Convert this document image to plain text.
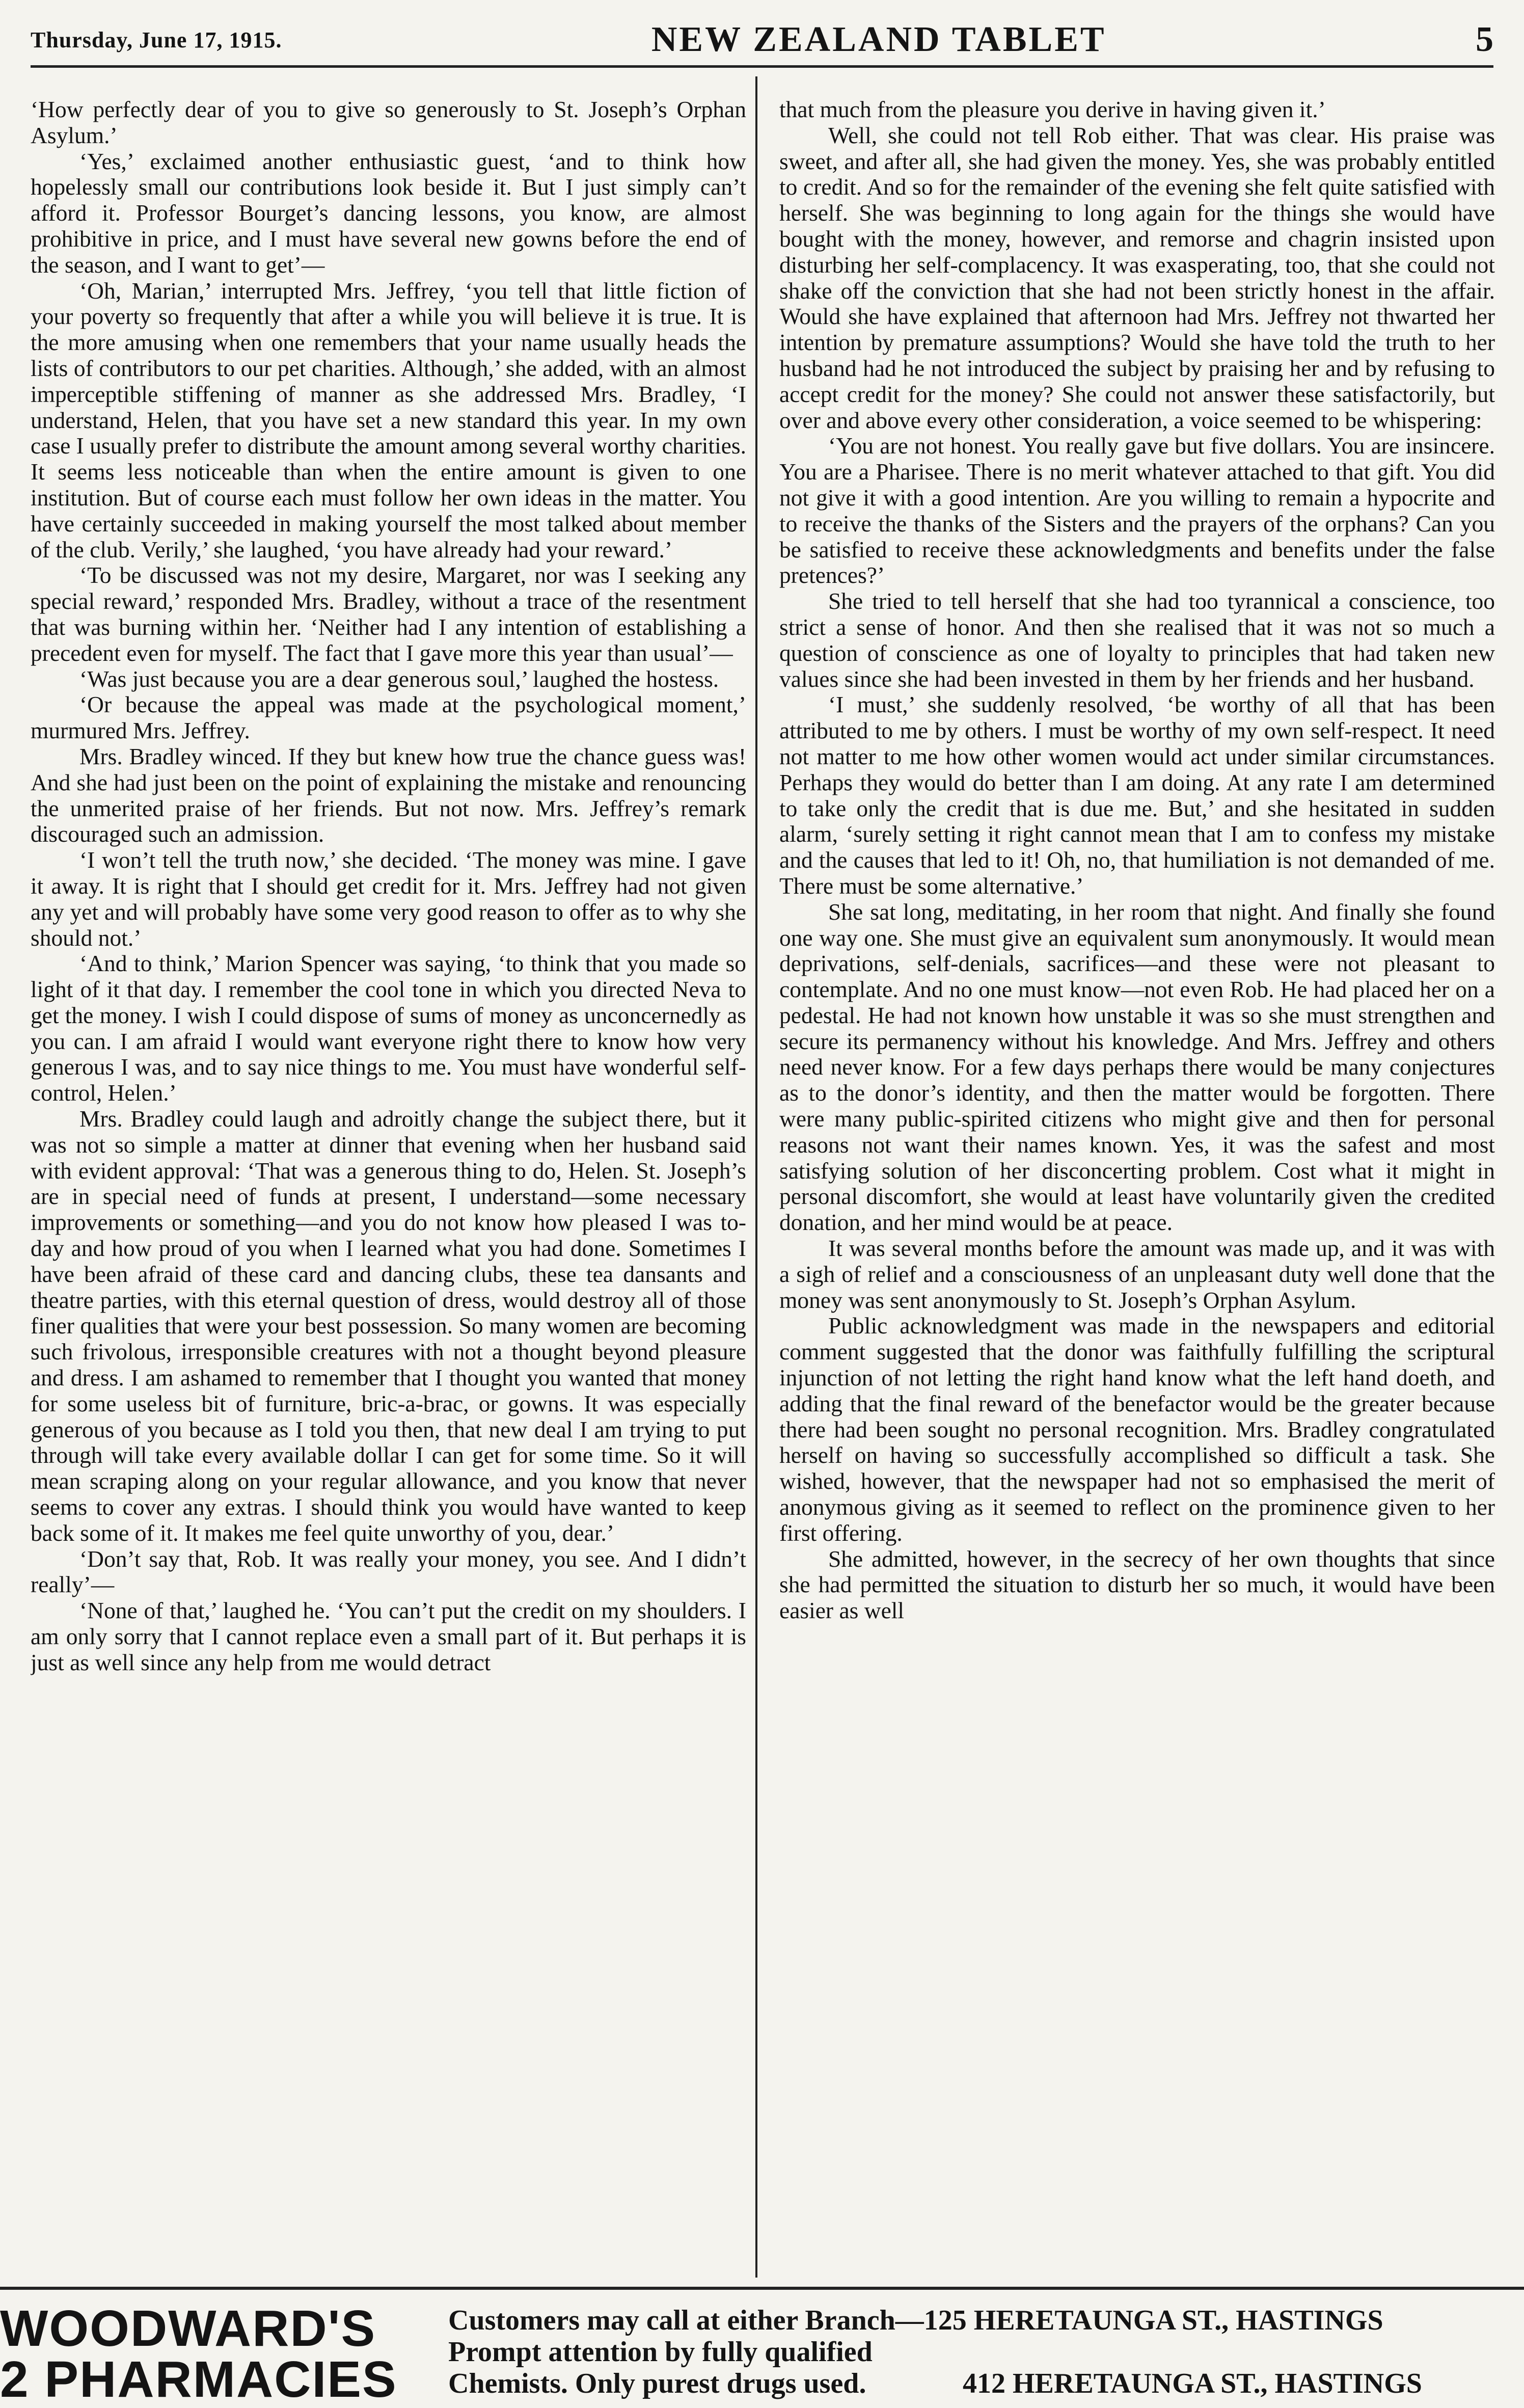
Thursday, June 17, 1915.	NEW ZEALAND TABLET	5

‘How perfectly dear of you to give so generously to St. Joseph’s Orphan Asylum.’

‘Yes,’ exclaimed another enthusiastic guest, ‘and to think how hopelessly small our contributions look beside it. But I just simply can’t afford it. Professor Bourget’s dancing lessons, you know, are almost prohibitive in price, and I must have several new gowns before the end of the season, and I want to get’—

‘Oh, Marian,’ interrupted Mrs. Jeffrey, ‘you tell that little fiction of your poverty so frequently that after a while you will believe it is true. It is the more amusing when one remembers that your name usually heads the lists of contributors to our pet charities. Although,’ she added, with an almost imperceptible stiffening of manner as she addressed Mrs. Bradley, ‘I understand, Helen, that you have set a new standard this year. In my own case I usually prefer to distribute the amount among several worthy charities. It seems less noticeable than when the entire amount is given to one institution. But of course each must follow her own ideas in the matter. You have certainly succeeded in making yourself the most talked about member of the club. Verily,’ she laughed, ‘you have already had your reward.’

‘To be discussed was not my desire, Margaret, nor was I seeking any special reward,’ responded Mrs. Bradley, without a trace of the resentment that was burning within her. ‘Neither had I any intention of establishing a precedent even for myself. The fact that I gave more this year than usual’—

‘Was just because you are a dear generous soul,’ laughed the hostess.

‘Or because the appeal was made at the psychological moment,’ murmured Mrs. Jeffrey.

Mrs. Bradley winced. If they but knew how true the chance guess was! And she had just been on the point of explaining the mistake and renouncing the unmerited praise of her friends. But not now. Mrs. Jeffrey’s remark discouraged such an admission.

‘I won’t tell the truth now,’ she decided. ‘The money was mine. I gave it away. It is right that I should get credit for it. Mrs. Jeffrey had not given any yet and will probably have some very good reason to offer as to why she should not.’

‘And to think,’ Marion Spencer was saying, ‘to think that you made so light of it that day. I remember the cool tone in which you directed Neva to get the money. I wish I could dispose of sums of money as unconcernedly as you can. I am afraid I would want everyone right there to know how very generous I was, and to say nice things to me. You must have wonderful self-control, Helen.’

Mrs. Bradley could laugh and adroitly change the subject there, but it was not so simple a matter at dinner that evening when her husband said with evident approval: ‘That was a generous thing to do, Helen. St. Joseph’s are in special need of funds at present, I understand—some necessary improvements or something—and you do not know how pleased I was to-day and how proud of you when I learned what you had done. Sometimes I have been afraid of these card and dancing clubs, these tea dansants and theatre parties, with this eternal question of dress, would destroy all of those finer qualities that were your best possession. So many women are becoming such frivolous, irresponsible creatures with not a thought beyond pleasure and dress. I am ashamed to remember that I thought you wanted that money for some useless bit of furniture, bric-a-brac, or gowns. It was especially generous of you because as I told you then, that new deal I am trying to put through will take every available dollar I can get for some time. So it will mean scraping along on your regular allowance, and you know that never seems to cover any extras. I should think you would have wanted to keep back some of it. It makes me feel quite unworthy of you, dear.’

‘Don’t say that, Rob. It was really your money, you see. And I didn’t really’—

‘None of that,’ laughed he. ‘You can’t put the credit on my shoulders. I am only sorry that I cannot replace even a small part of it. But perhaps it is just as well since any help from me would detract

that much from the pleasure you derive in having given it.’

Well, she could not tell Rob either. That was clear. His praise was sweet, and after all, she had given the money. Yes, she was probably entitled to credit. And so for the remainder of the evening she felt quite satisfied with herself. She was beginning to long again for the things she would have bought with the money, however, and remorse and chagrin insisted upon disturbing her self-complacency. It was exasperating, too, that she could not shake off the conviction that she had not been strictly honest in the affair. Would she have explained that afternoon had Mrs. Jeffrey not thwarted her intention by premature assumptions? Would she have told the truth to her husband had he not introduced the subject by praising her and by refusing to accept credit for the money? She could not answer these satisfactorily, but over and above every other consideration, a voice seemed to be whispering:

‘You are not honest. You really gave but five dollars. You are insincere. You are a Pharisee. There is no merit whatever attached to that gift. You did not give it with a good intention. Are you willing to remain a hypocrite and to receive the thanks of the Sisters and the prayers of the orphans? Can you be satisfied to receive these acknowledgments and benefits under the false pretences?’

She tried to tell herself that she had too tyrannical a conscience, too strict a sense of honor. And then she realised that it was not so much a question of conscience as one of loyalty to principles that had taken new values since she had been invested in them by her friends and her husband.

‘I must,’ she suddenly resolved, ‘be worthy of all that has been attributed to me by others. I must be worthy of my own self-respect. It need not matter to me how other women would act under similar circumstances. Perhaps they would do better than I am doing. At any rate I am determined to take only the credit that is due me. But,’ and she hesitated in sudden alarm, ‘surely setting it right cannot mean that I am to confess my mistake and the causes that led to it! Oh, no, that humiliation is not demanded of me. There must be some alternative.’

She sat long, meditating, in her room that night. And finally she found one way one. She must give an equivalent sum anonymously. It would mean deprivations, self-denials, sacrifices—and these were not pleasant to contemplate. And no one must know—not even Rob. He had placed her on a pedestal. He had not known how unstable it was so she must strengthen and secure its permanency without his knowledge. And Mrs. Jeffrey and others need never know. For a few days perhaps there would be many conjectures as to the donor’s identity, and then the matter would be forgotten. There were many public-spirited citizens who might give and then for personal reasons not want their names known. Yes, it was the safest and most satisfying solution of her disconcerting problem. Cost what it might in personal discomfort, she would at least have voluntarily given the credited donation, and her mind would be at peace.

It was several months before the amount was made up, and it was with a sigh of relief and a consciousness of an unpleasant duty well done that the money was sent anonymously to St. Joseph’s Orphan Asylum.

Public acknowledgment was made in the newspapers and editorial comment suggested that the donor was faithfully fulfilling the scriptural injunction of not letting the right hand know what the left hand doeth, and adding that the final reward of the benefactor would be the greater because there had been sought no personal recognition. Mrs. Bradley congratulated herself on having so successfully accomplished so difficult a task. She wished, however, that the newspaper had not so emphasised the merit of anonymous giving as it seemed to reflect on the prominence given to her first offering.

She admitted, however, in the secrecy of her own thoughts that since she had permitted the situation to disturb her so much, it would have been easier as well

WOODWARD'S
2 PHARMACIES
Customers may call at either Branch—125 HERETAUNGA ST., HASTINGS
Prompt attention by fully qualified
Chemists. Only purest drugs used.	412 HERETAUNGA ST., HASTINGS
